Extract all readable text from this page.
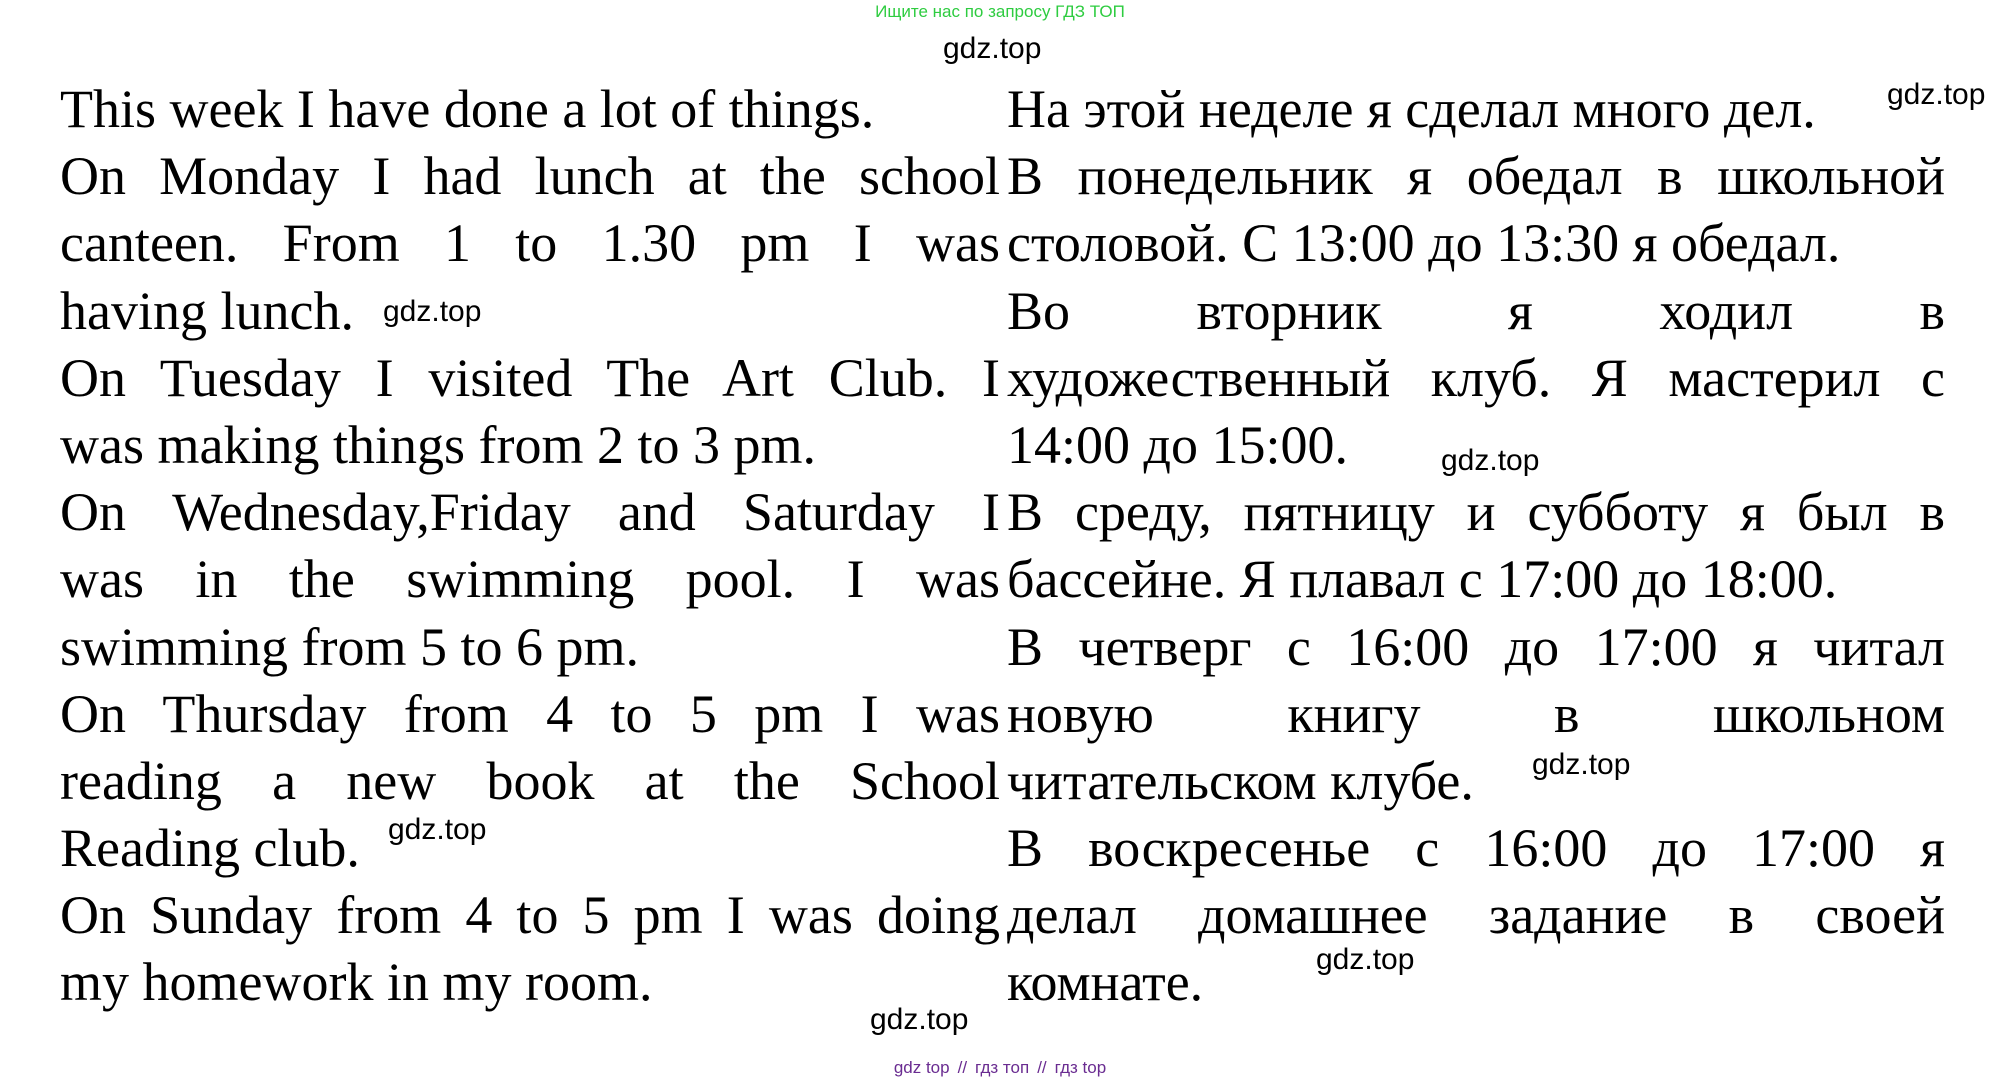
Ищите нас по запросу ГДЗ ТОП
gdz.top
gdz.top
gdz.top
gdz.top
gdz.top
gdz.top
gdz.top
gdz.top
This week I have done a lot of things.
On Monday I had lunch at the school
canteen. From 1 to 1.30 pm I was
having lunch.
On Tuesday I visited The Art Club. I
was making things from 2 to 3 pm.
On Wednesday,Friday and Saturday I
was in the swimming pool. I was
swimming from 5 to 6 pm.
On Thursday from 4 to 5 pm I was
reading a new book at the School
Reading club.
On Sunday from 4 to 5 pm I was doing
my homework in my room.
На этой неделе я сделал много дел.
В понедельник я обедал в школьной
столовой. С 13:00 до 13:30 я обедал.
Во вторник я ходил в
художественный клуб. Я мастерил с
14:00 до 15:00.
В среду, пятницу и субботу я был в
бассейне. Я плавал с 17:00 до 18:00.
В четверг с 16:00 до 17:00 я читал
новую книгу в школьном
читательском клубе.
В воскресенье с 16:00 до 17:00 я
делал домашнее задание в своей
комнате.
gdz top // гдз топ // гдз top
